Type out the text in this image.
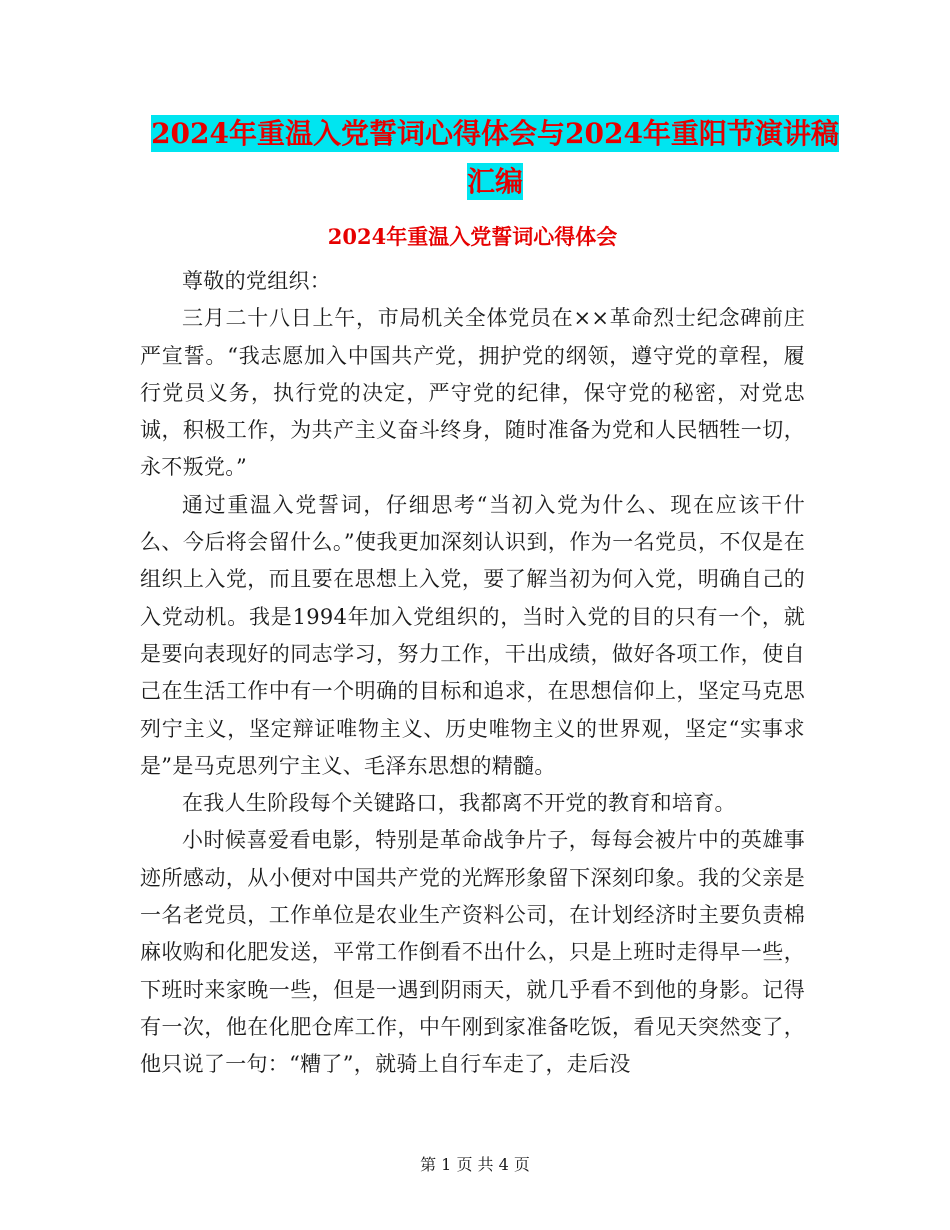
2024年重温入党誓词心得体会与2024年重阳节演讲稿
汇编
2024年重温入党誓词心得体会

尊敬的党组织：

三月二十八日上午，市局机关全体党员在××革命烈士纪念碑前庄严宣誓。“我志愿加入中国共产党，拥护党的纲领，遵守党的章程，履行党员义务，执行党的决定，严守党的纪律，保守党的秘密，对党忠诚，积极工作，为共产主义奋斗终身，随时准备为党和人民牺牲一切，永不叛党。”

通过重温入党誓词，仔细思考“当初入党为什么、现在应该干什么、今后将会留什么。”使我更加深刻认识到，作为一名党员，不仅是在组织上入党，而且要在思想上入党，要了解当初为何入党，明确自己的入党动机。我是1994年加入党组织的，当时入党的目的只有一个，就是要向表现好的同志学习，努力工作，干出成绩，做好各项工作，使自己在生活工作中有一个明确的目标和追求，在思想信仰上，坚定马克思列宁主义，坚定辩证唯物主义、历史唯物主义的世界观，坚定“实事求是”是马克思列宁主义、毛泽东思想的精髓。

在我人生阶段每个关键路口，我都离不开党的教育和培育。

小时候喜爱看电影，特别是革命战争片子，每每会被片中的英雄事迹所感动，从小便对中国共产党的光辉形象留下深刻印象。我的父亲是一名老党员，工作单位是农业生产资料公司，在计划经济时主要负责棉麻收购和化肥发送，平常工作倒看不出什么，只是上班时走得早一些，下班时来家晚一些，但是一遇到阴雨天，就几乎看不到他的身影。记得有一次，他在化肥仓库工作，中午刚到家准备吃饭，看见天突然变了，他只说了一句：“糟了”，就骑上自行车走了，走后没

第 1 页 共 4 页
